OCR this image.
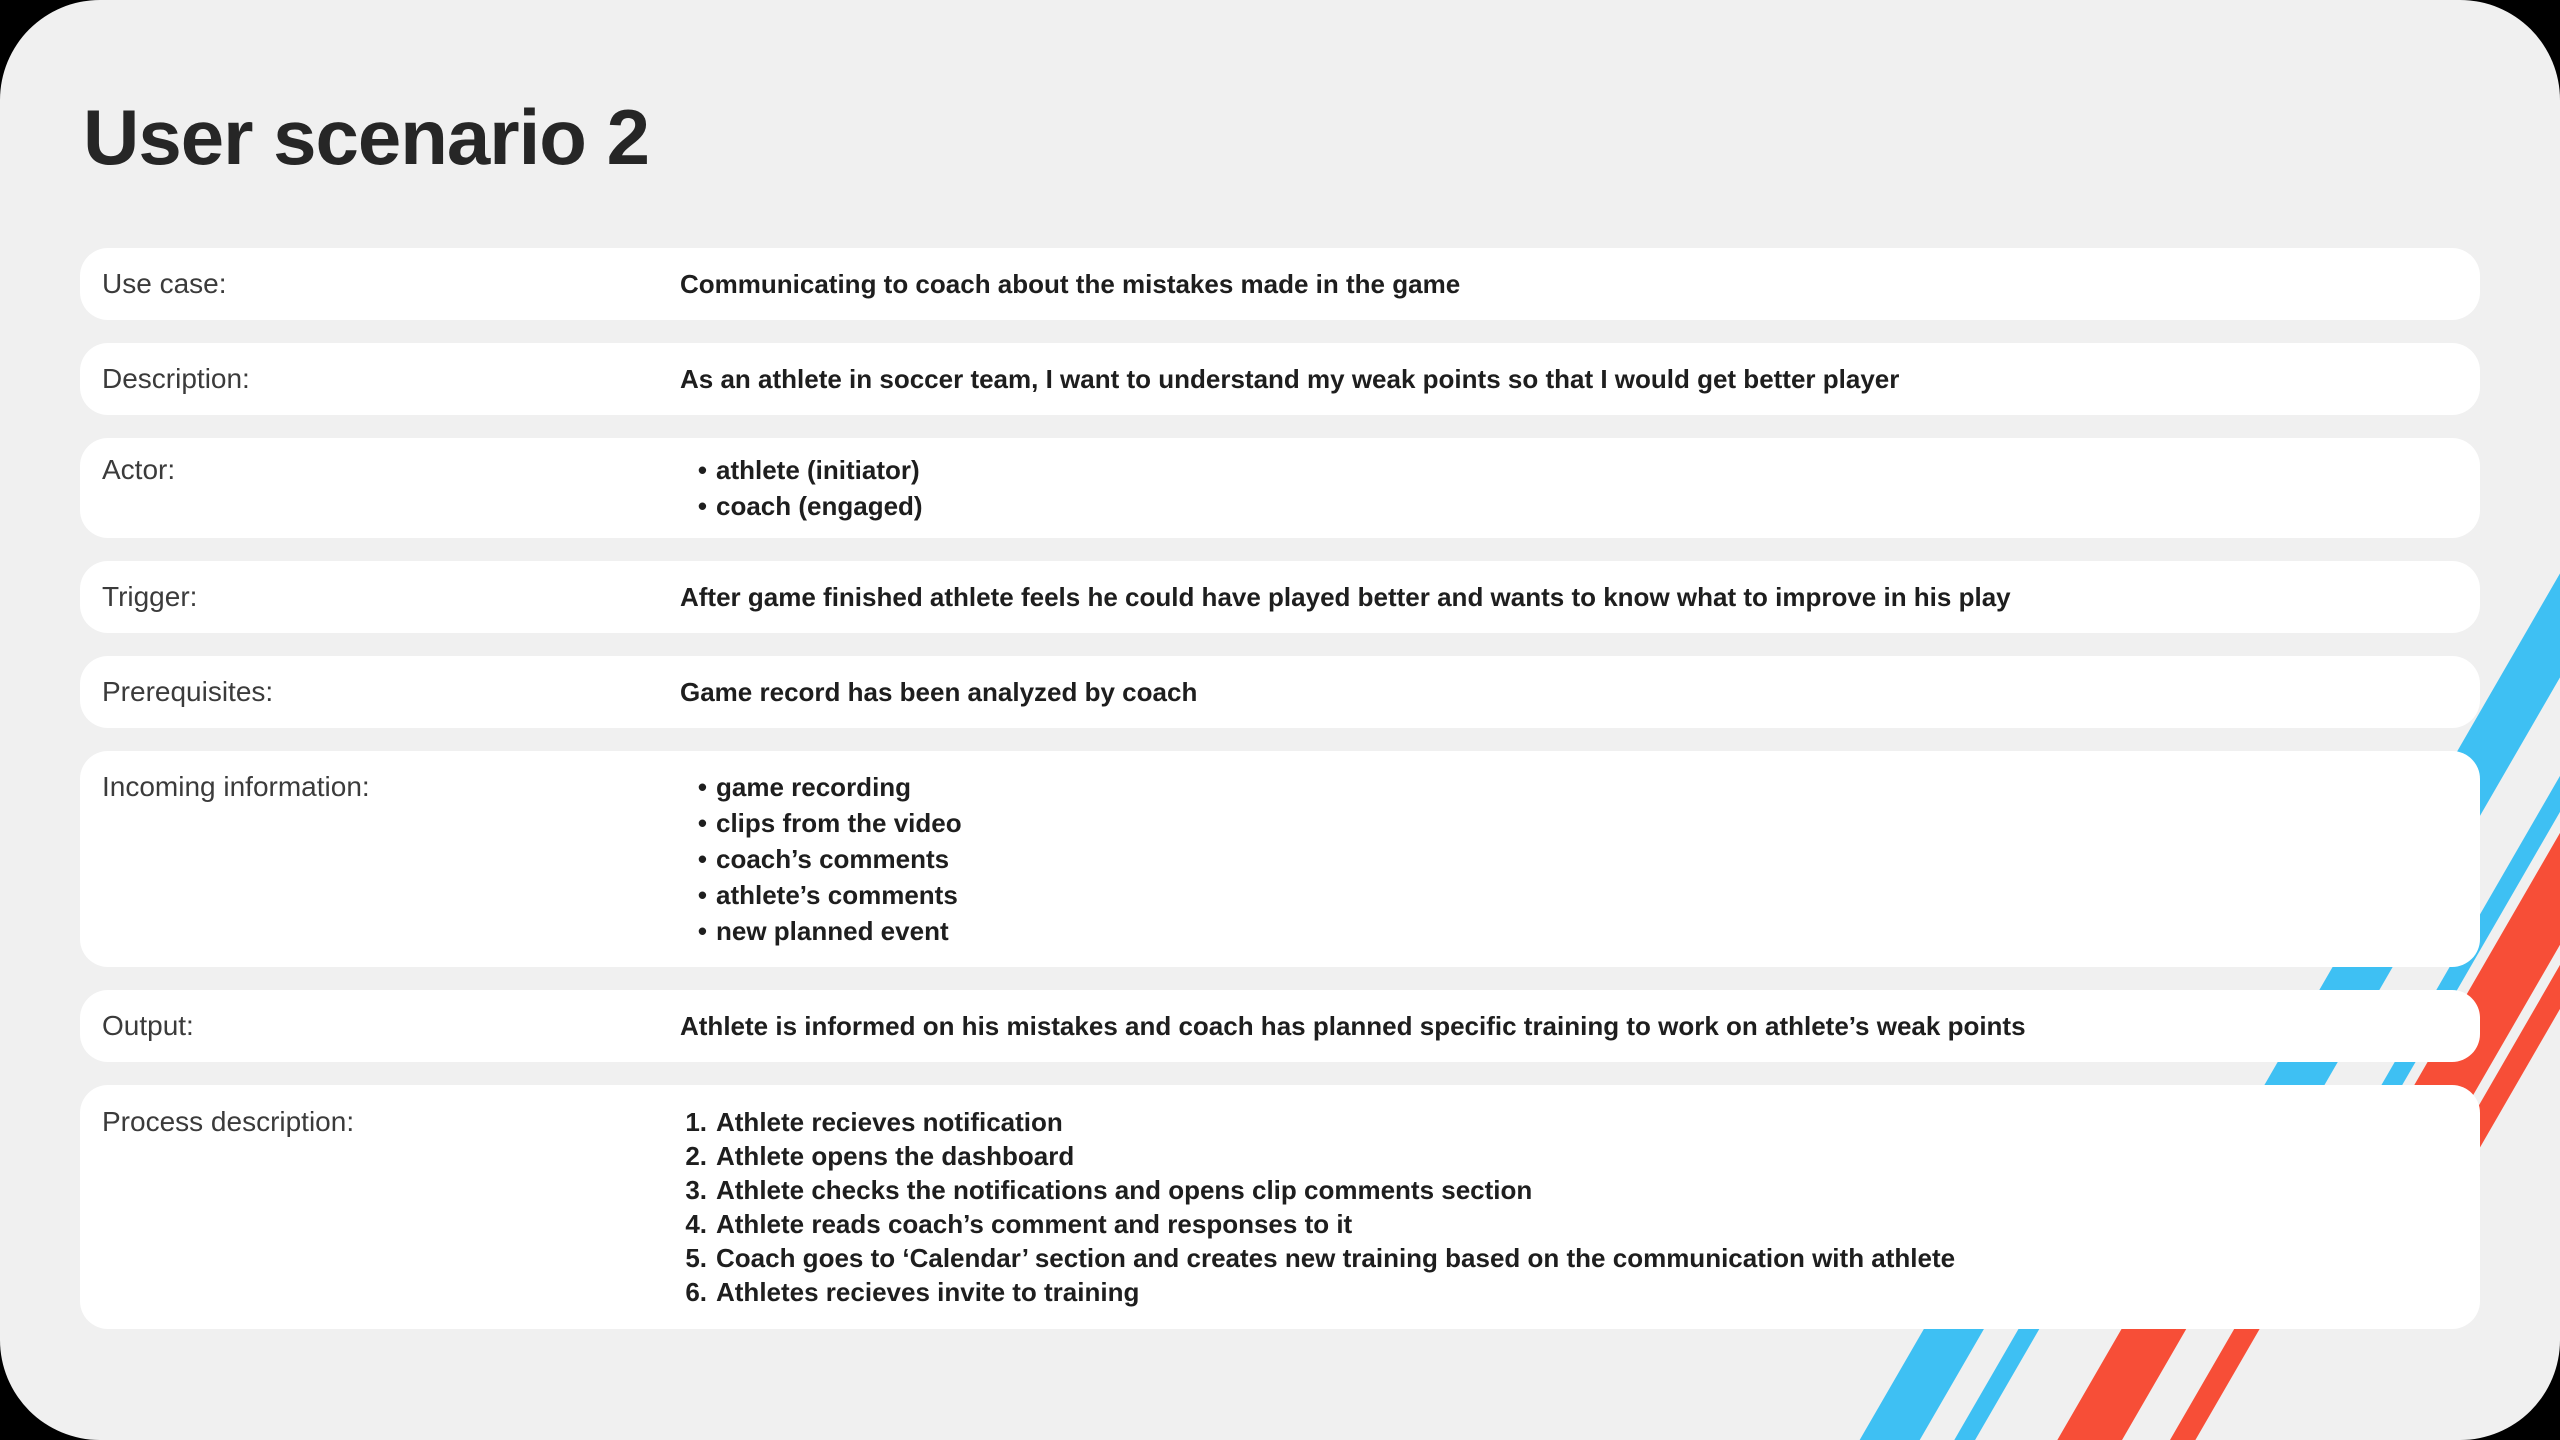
User scenario 2
Use case:	Communicating to coach about the mistakes made in the game
Description:	As an athlete in soccer team, I want to understand my weak points so that I would get better player
Actor:	• athlete (initiator)
• coach (engaged)
Trigger:	After game finished athlete feels he could have played better and wants to know what to improve in his play
Prerequisites:	Game record has been analyzed by coach
Incoming information:	• game recording
• clips from the video
• coach’s comments
• athlete’s comments
• new planned event
Output:	Athlete is informed on his mistakes and coach has planned specific training to work on athlete’s weak points
Process description:	1. Athlete recieves notification
2. Athlete opens the dashboard
3. Athlete checks the notifications and opens clip comments section
4. Athlete reads coach’s comment and responses to it
5. Coach goes to ‘Calendar’ section and creates new training based on the communication with athlete
6. Athletes recieves invite to training
